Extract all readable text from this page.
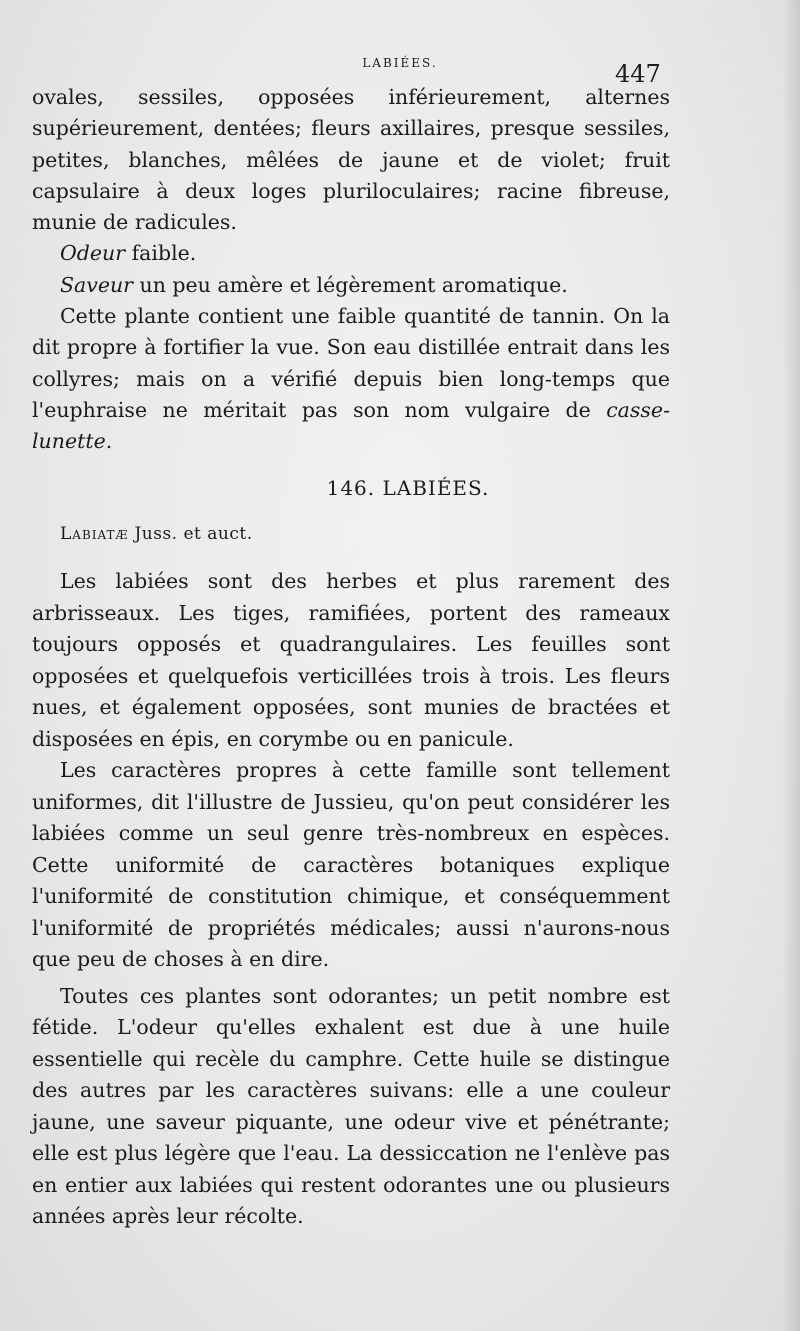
LABIÉES.	447

ovales, sessiles, opposées inférieurement, alternes supérieurement, dentées; fleurs axillaires, presque sessiles, petites, blanches, mêlées de jaune et de violet; fruit capsulaire à deux loges pluriloculaires; racine fibreuse, munie de radicules.

Odeur faible.

Saveur un peu amère et légèrement aromatique.

Cette plante contient une faible quantité de tannin. On la dit propre à fortifier la vue. Son eau distillée entrait dans les collyres; mais on a vérifié depuis bien long-temps que l'euphraise ne méritait pas son nom vulgaire de casse-lunette.

146. LABIÉES.
Labiatæ Juss. et auct.

Les labiées sont des herbes et plus rarement des arbrisseaux. Les tiges, ramifiées, portent des rameaux toujours opposés et quadrangulaires. Les feuilles sont opposées et quelquefois verticillées trois à trois. Les fleurs nues, et également opposées, sont munies de bractées et disposées en épis, en corymbe ou en panicule.

Les caractères propres à cette famille sont tellement uniformes, dit l'illustre de Jussieu, qu'on peut considérer les labiées comme un seul genre très-nombreux en espèces. Cette uniformité de caractères botaniques explique l'uniformité de constitution chimique, et conséquemment l'uniformité de propriétés médicales; aussi n'aurons-nous que peu de choses à en dire.

Toutes ces plantes sont odorantes; un petit nombre est fétide. L'odeur qu'elles exhalent est due à une huile essentielle qui recèle du camphre. Cette huile se distingue des autres par les caractères suivans: elle a une couleur jaune, une saveur piquante, une odeur vive et pénétrante; elle est plus légère que l'eau. La dessiccation ne l'enlève pas en entier aux labiées qui restent odorantes une ou plusieurs années après leur récolte.
